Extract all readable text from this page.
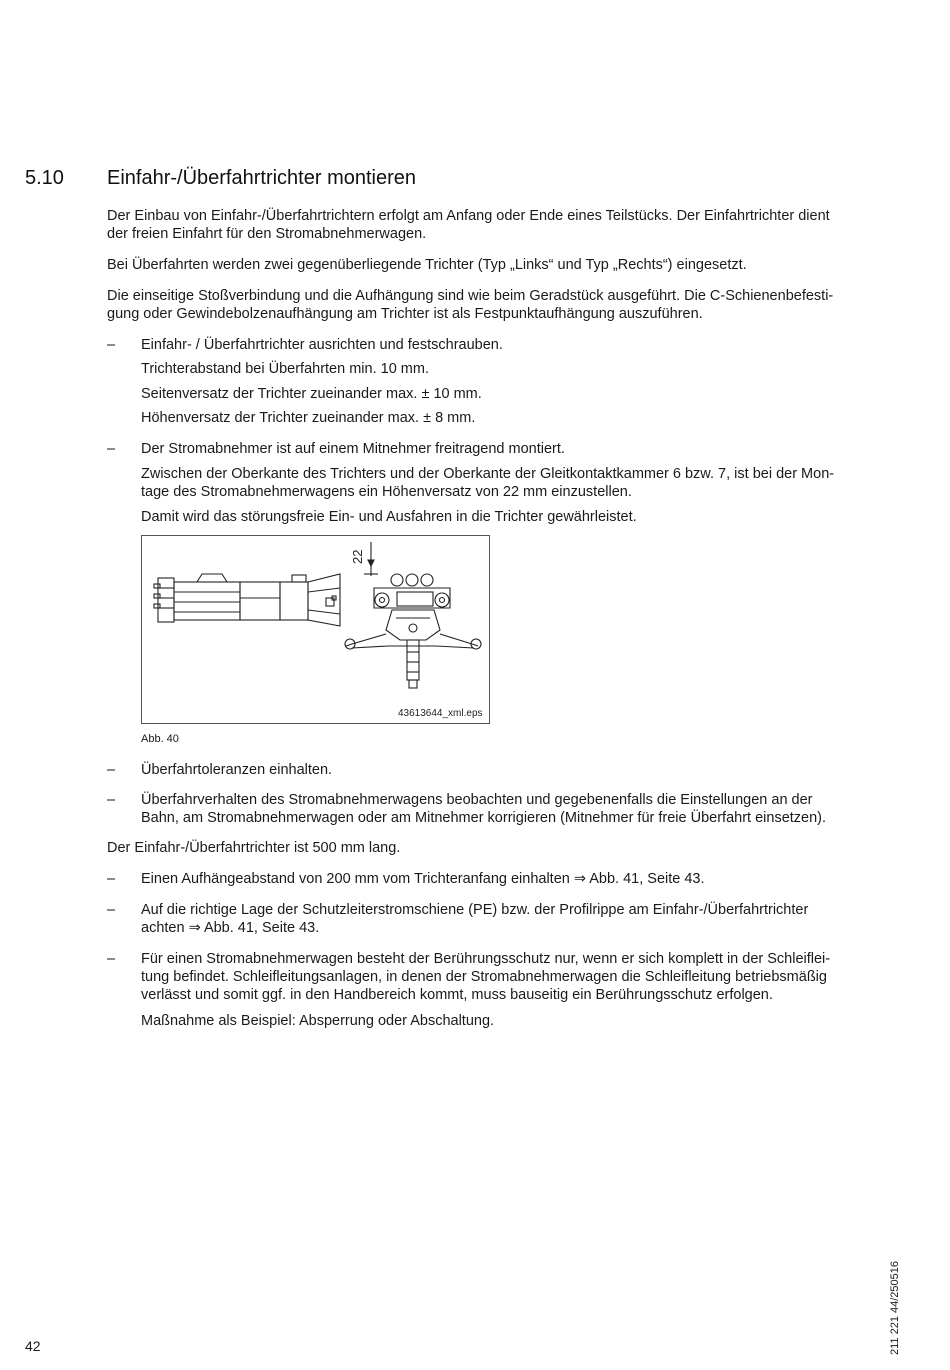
5.10 Einfahr-/Überfahrtrichter montieren
Der Einbau von Einfahr-/Überfahrtrichtern erfolgt am Anfang oder Ende eines Teilstücks. Der Einfahrtrichter dient
der freien Einfahrt für den Stromabnehmerwagen.
Bei Überfahrten werden zwei gegenüberliegende Trichter (Typ „Links“ und Typ „Rechts“) eingesetzt.
Die einseitige Stoßverbindung und die Aufhängung sind wie beim Geradstück ausgeführt. Die C-Schienenbefesti-
gung oder Gewindebolzenaufhängung am Trichter ist als Festpunktaufhängung auszuführen.
– Einfahr- / Überfahrtrichter ausrichten und festschrauben.
Trichterabstand bei Überfahrten min. 10 mm.
Seitenversatz der Trichter zueinander max. ± 10 mm.
Höhenversatz der Trichter zueinander max. ± 8 mm.
– Der Stromabnehmer ist auf einem Mitnehmer freitragend montiert.
Zwischen der Oberkante des Trichters und der Oberkante der Gleitkontaktkammer 6 bzw. 7, ist bei der Mon-
tage des Stromabnehmerwagens ein Höhenversatz von 22 mm einzustellen.
Damit wird das störungsfreie Ein- und Ausfahren in die Trichter gewährleistet.
22
43613644_xml.eps
Abb. 40
– Überfahrtoleranzen einhalten.
– Überfahrverhalten des Stromabnehmerwagens beobachten und gegebenenfalls die Einstellungen an der
Bahn, am Stromabnehmerwagen oder am Mitnehmer korrigieren (Mitnehmer für freie Überfahrt einsetzen).
Der Einfahr-/Überfahrtrichter ist 500 mm lang.
– Einen Aufhängeabstand von 200 mm vom Trichteranfang einhalten ⇒ Abb. 41, Seite 43.
– Auf die richtige Lage der Schutzleiterstromschiene (PE) bzw. der Profilrippe am Einfahr-/Überfahrtrichter
achten ⇒ Abb. 41, Seite 43.
– Für einen Stromabnehmerwagen besteht der Berührungsschutz nur, wenn er sich komplett in der Schleiflei-
tung befindet. Schleifleitungsanlagen, in denen der Stromabnehmerwagen die Schleifleitung betriebsmäßig
verlässt und somit ggf. in den Handbereich kommt, muss bauseitig ein Berührungsschutz erfolgen.
Maßnahme als Beispiel: Absperrung oder Abschaltung.
42	211 221 44/250516
